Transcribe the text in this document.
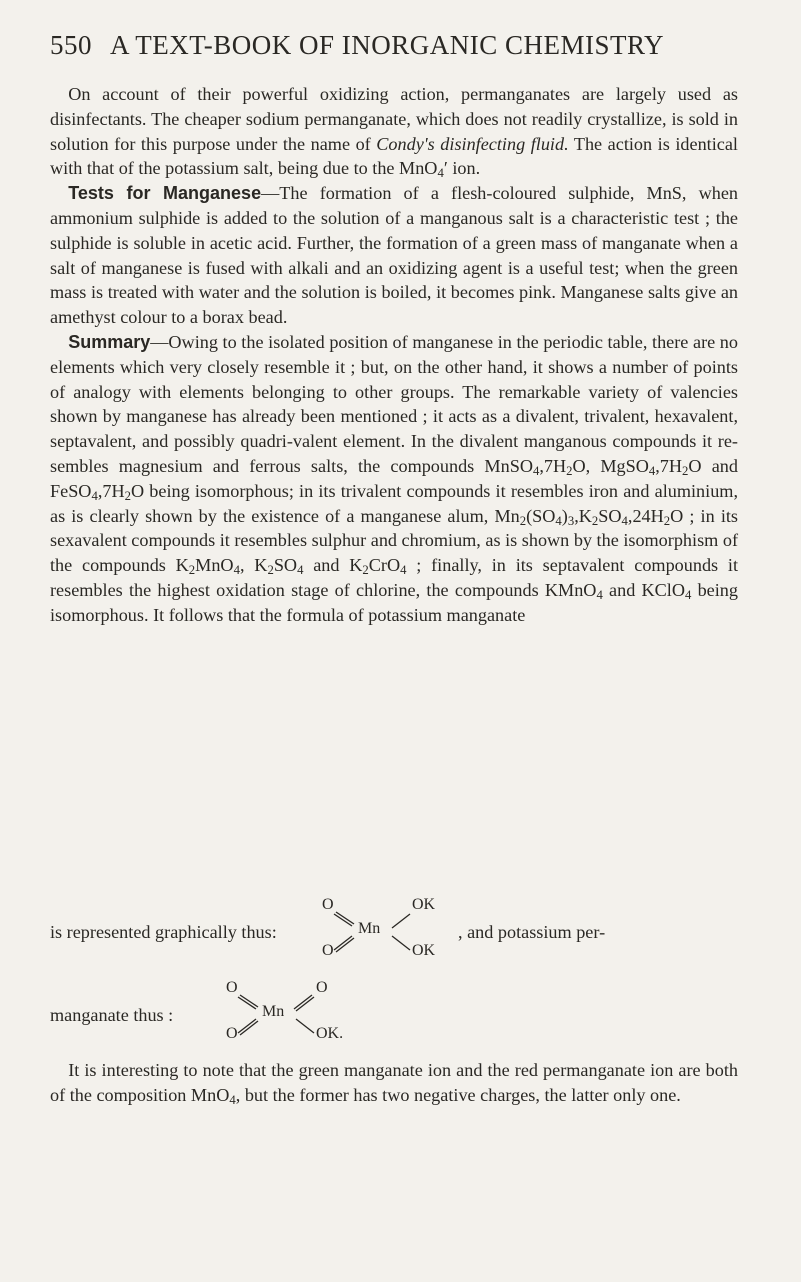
550 A TEXT-BOOK OF INORGANIC CHEMISTRY

 On account of their powerful oxidizing action, permanganates are largely used as disinfectants. The cheaper sodium permanganate, which does not readily crystallize, is sold in solution for this purpose under the name of Condy's disinfecting fluid. The action is identical with that of the potassium salt, being due to the MnO$_4$′ ion.

 Tests for Manganese—The formation of a flesh-coloured sulphide, MnS, when ammonium sulphide is added to the solution of a manganous salt is a characteristic test ; the sulphide is soluble in acetic acid. Further, the formation of a green mass of manganate when a salt of manganese is fused with alkali and an oxidizing agent is a useful test; when the green mass is treated with water and the solution is boiled, it becomes pink. Manganese salts give an amethyst colour to a borax bead.

 Summary—Owing to the isolated position of manganese in the periodic table, there are no elements which very closely resemble it ; but, on the other hand, it shows a number of points of analogy with elements belonging to other groups. The remarkable variety of valencies shown by manganese has already been mentioned ; it acts as a divalent, trivalent, hexavalent, septavalent, and possibly quadri-valent element. In the divalent manganous compounds it re-sembles magnesium and ferrous salts, the compounds $MnSO_4,7H_2O$, $MgSO_4,7H_2O$ and $FeSO_4,7H_2O$ being isomorphous; in its trivalent compounds it resembles iron and aluminium, as is clearly shown by the existence of a manganese alum, $Mn_2(SO_4)_3,K_2SO_4,24H_2O$ ; in its sexavalent compounds it resembles sulphur and chromium, as is shown by the isomorphism of the compounds $K_2MnO_4$, $K_2SO_4$ and $K_2CrO_4$ ; finally, in its septavalent compounds it resembles the highest oxidation stage of chlorine, the compounds KMnO$_4$ and KClO$_4$ being isomorphous. It follows that the formula of potassium manganate

is represented graphically thus:
O
O
Mn
OK
OK
, and potassium per-
manganate thus :
O
O
Mn
O
OK.

 It is interesting to note that the green manganate ion and the red permanganate ion are both of the composition MnO$_4$, but the former has two negative charges, the latter only one.
